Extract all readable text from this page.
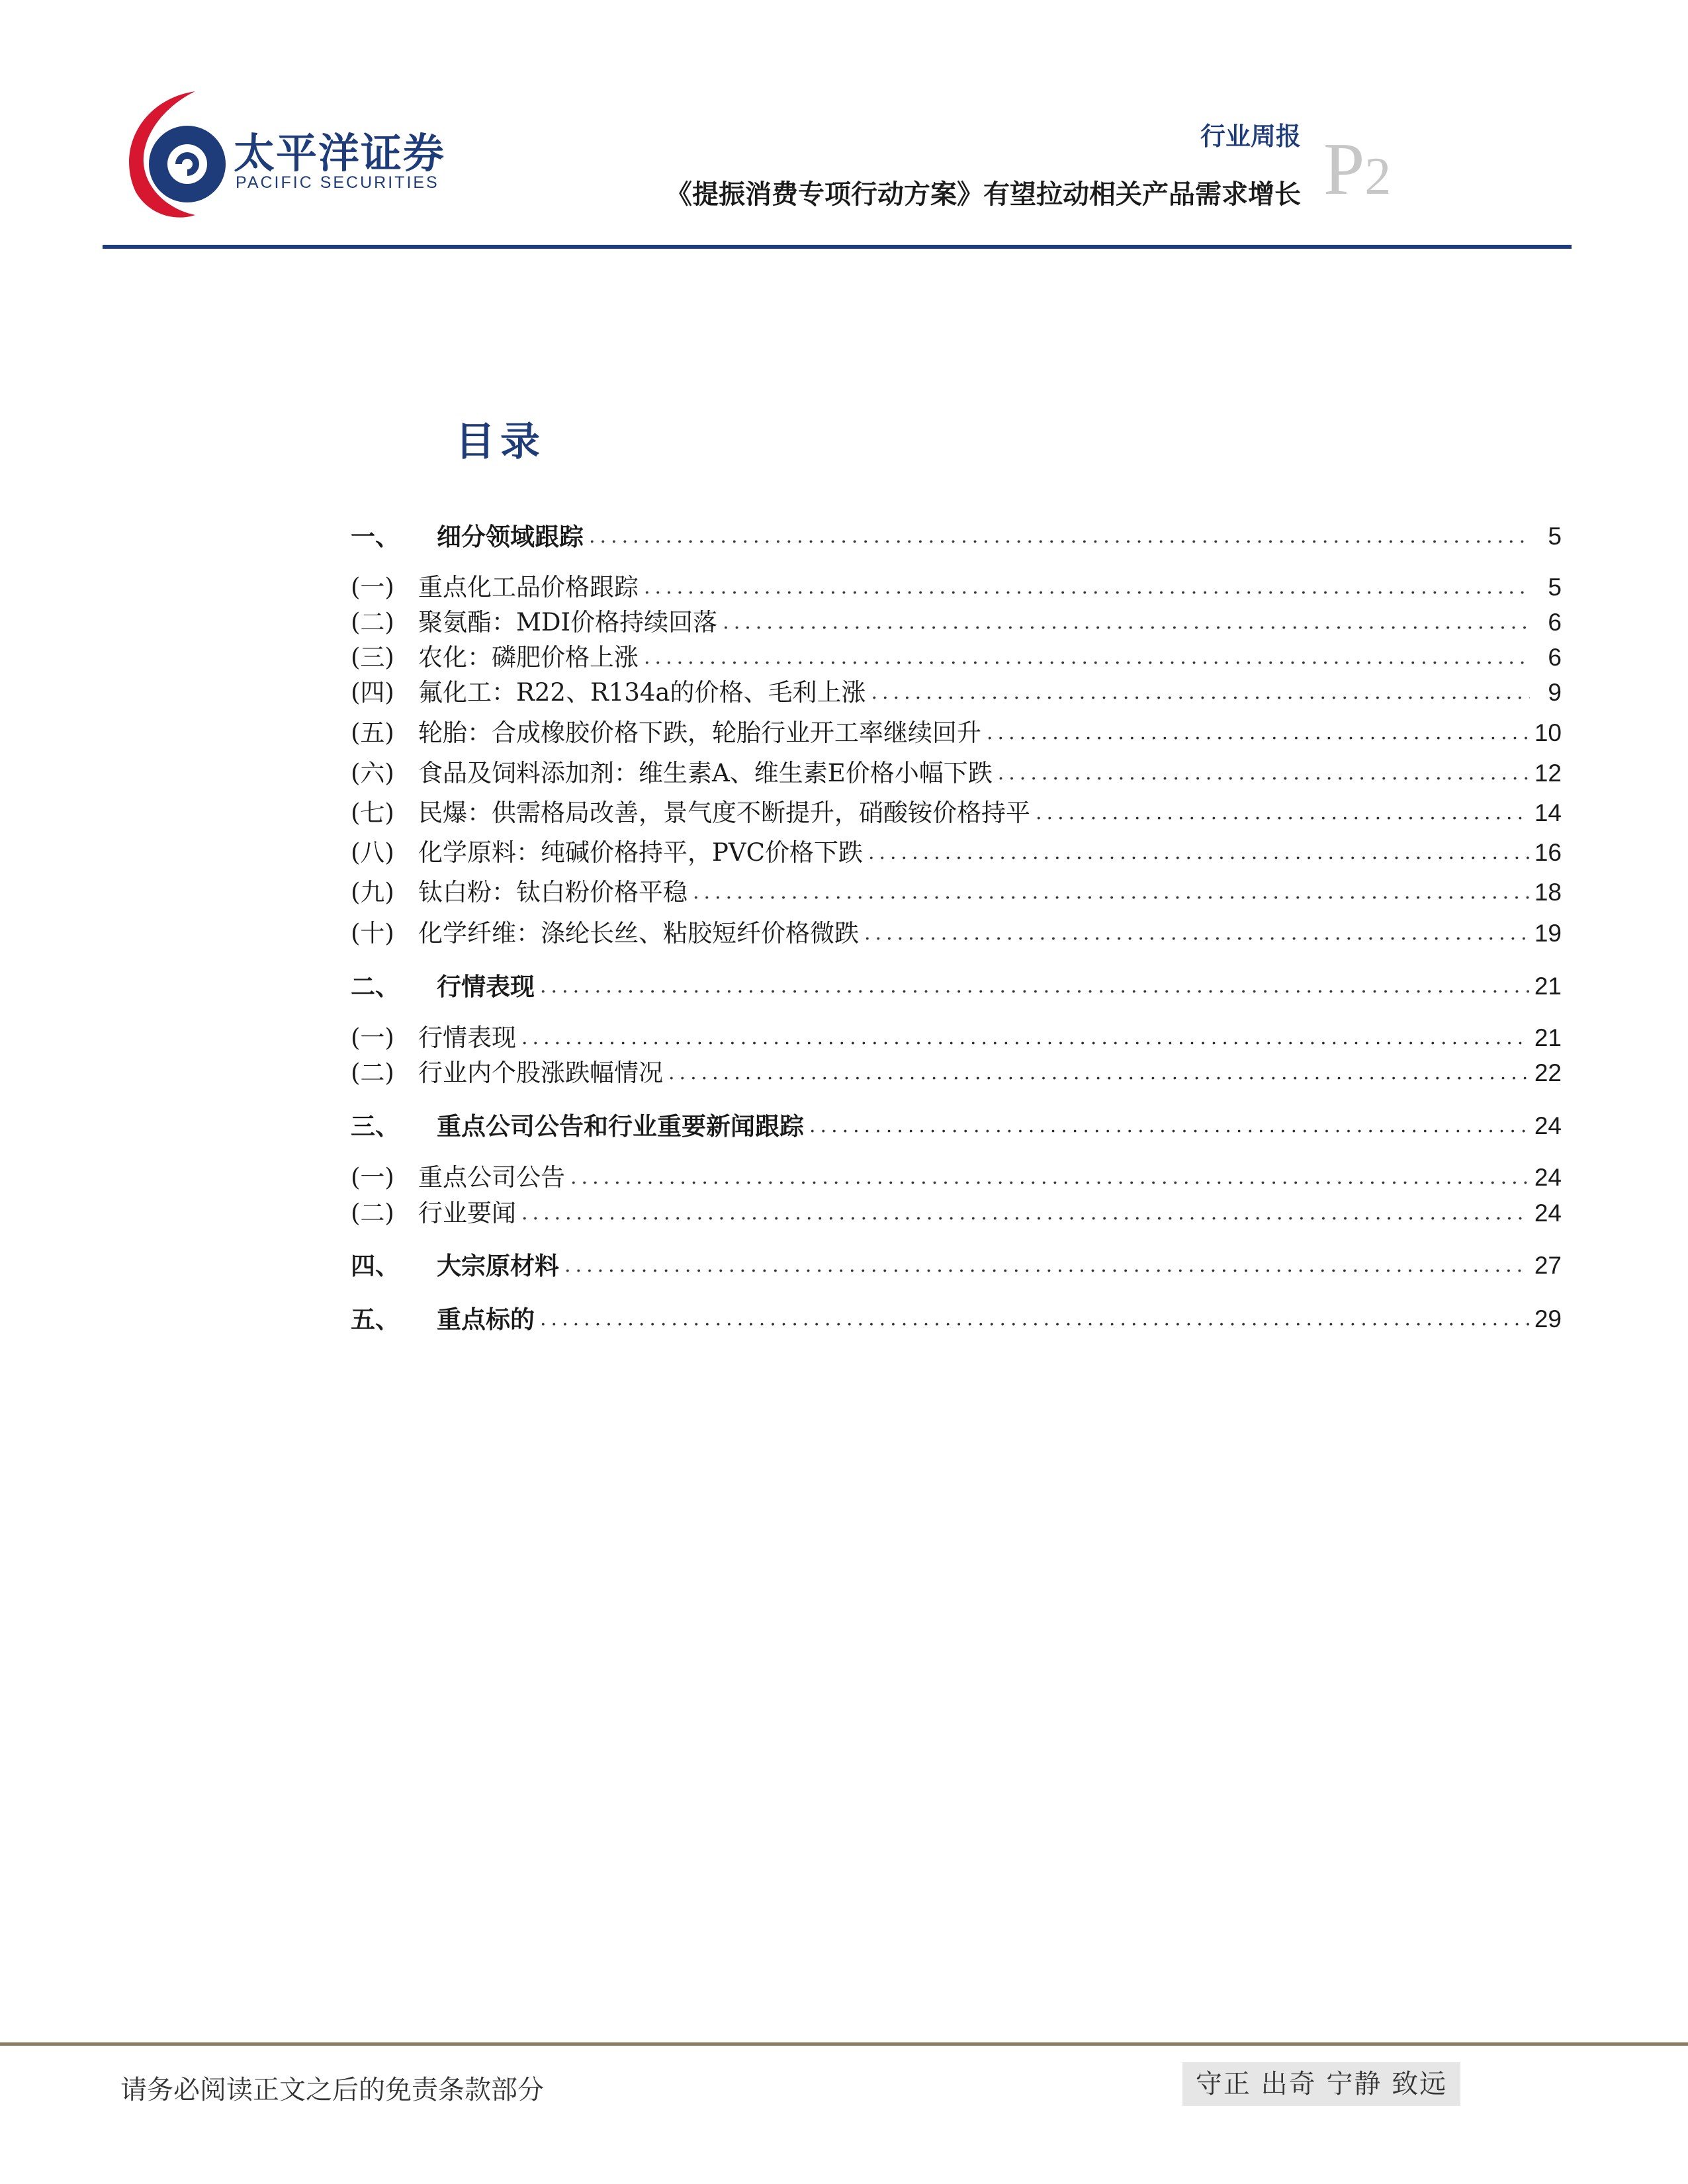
太平洋证券
PACIFIC SECURITIES
行业周报
《提振消费专项行动方案》有望拉动相关产品需求增长 P2
目录
一、	细分领域跟踪 .....	5
(一) 重点化工品价格跟踪 .....	5
(二) 聚氨酯：MDI价格持续回落 .....	6
(三) 农化：磷肥价格上涨 .....	6
(四) 氟化工：R22、R134a的价格、毛利上涨 .....	9
(五) 轮胎：合成橡胶价格下跌，轮胎行业开工率继续回升 .....	10
(六) 食品及饲料添加剂：维生素A、维生素E价格小幅下跌 .....	12
(七) 民爆：供需格局改善，景气度不断提升，硝酸铵价格持平 .....	14
(八) 化学原料：纯碱价格持平，PVC价格下跌 .....	16
(九) 钛白粉：钛白粉价格平稳 .....	18
(十) 化学纤维：涤纶长丝、粘胶短纤价格微跌 .....	19
二、	行情表现 .....	21
(一) 行情表现 .....	21
(二) 行业内个股涨跌幅情况 .....	22
三、	重点公司公告和行业重要新闻跟踪 .....	24
(一) 重点公司公告 .....	24
(二) 行业要闻 .....	24
四、	大宗原材料 .....	27
五、	重点标的 .....	29
请务必阅读正文之后的免责条款部分	守正 出奇 宁静 致远
